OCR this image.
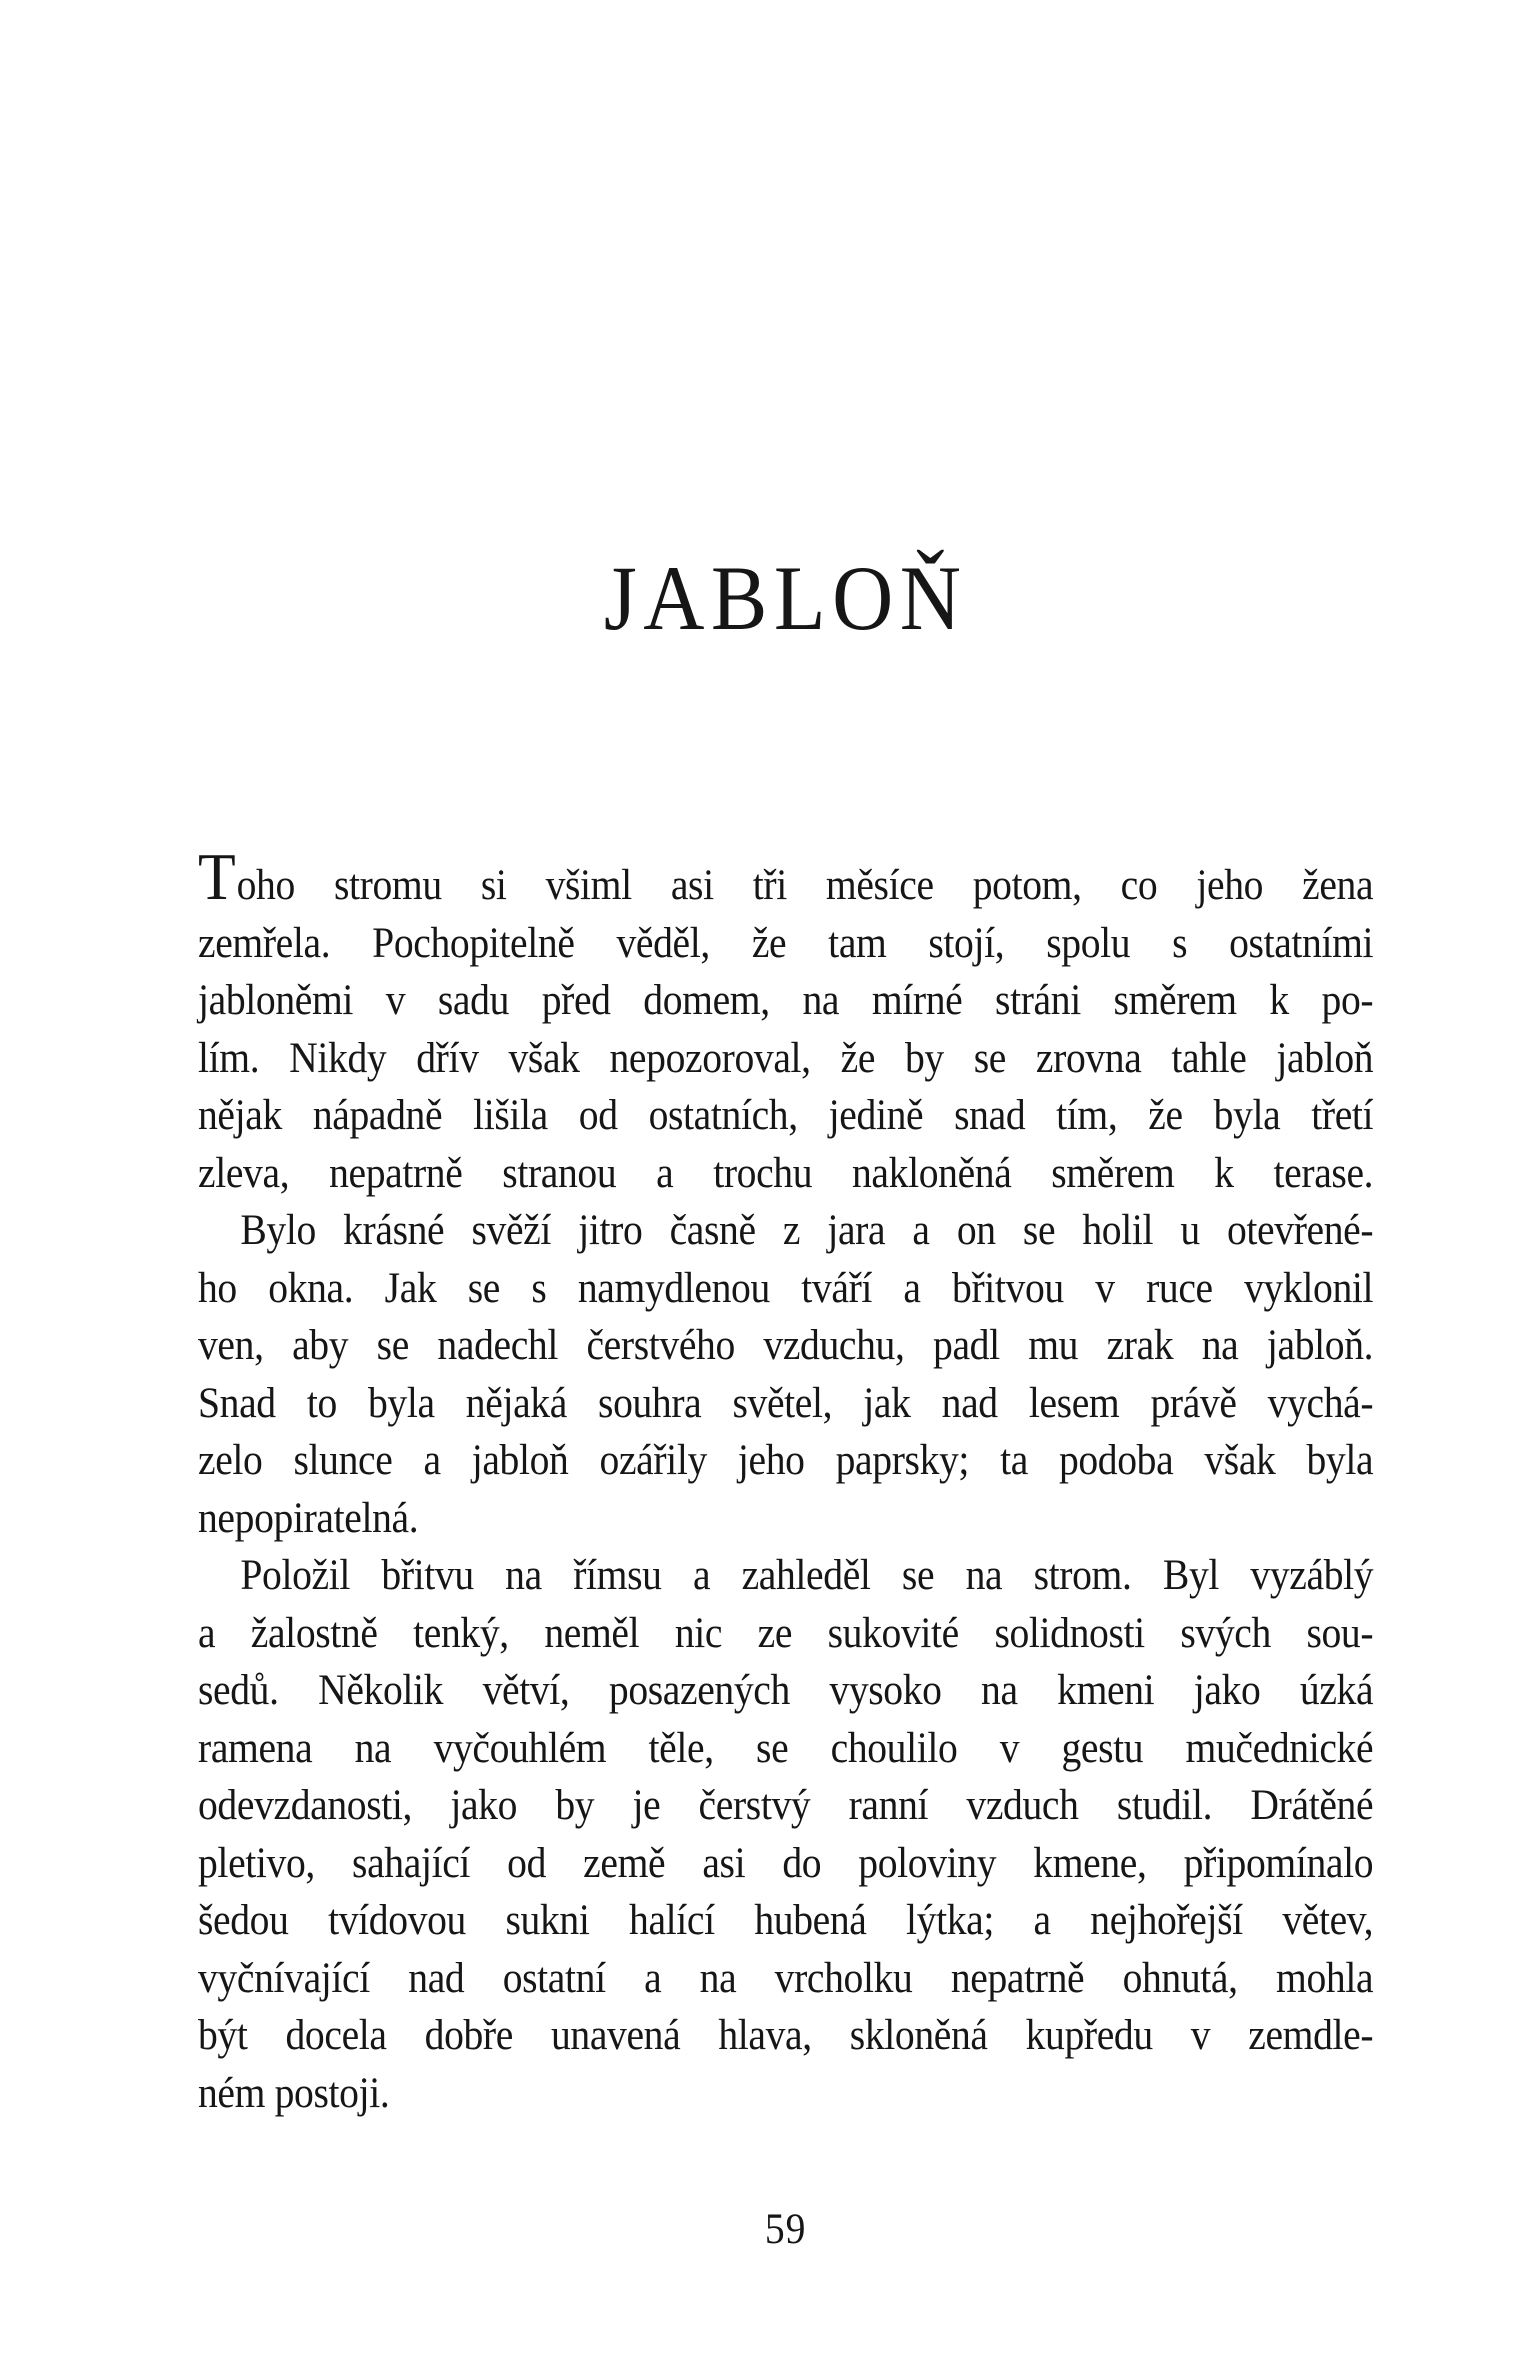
JABLOŇ
Toho stromu si všiml asi tři měsíce potom, co jeho žena
zemřela. Pochopitelně věděl, že tam stojí, spolu s ostatními
jabloněmi v sadu před domem, na mírné stráni směrem k po-
lím. Nikdy dřív však nepozoroval, že by se zrovna tahle jabloň
nějak nápadně lišila od ostatních, jedině snad tím, že byla třetí
zleva, nepatrně stranou a trochu nakloněná směrem k terase.
Bylo krásné svěží jitro časně z jara a on se holil u otevřené-
ho okna. Jak se s namydlenou tváří a břitvou v ruce vyklonil
ven, aby se nadechl čerstvého vzduchu, padl mu zrak na jabloň.
Snad to byla nějaká souhra světel, jak nad lesem právě vychá-
zelo slunce a jabloň ozářily jeho paprsky; ta podoba však byla
nepopiratelná.
Položil břitvu na římsu a zahleděl se na strom. Byl vyzáblý
a žalostně tenký, neměl nic ze sukovité solidnosti svých sou-
sedů. Několik větví, posazených vysoko na kmeni jako úzká
ramena na vyčouhlém těle, se choulilo v gestu mučednické
odevzdanosti, jako by je čerstvý ranní vzduch studil. Drátěné
pletivo, sahající od země asi do poloviny kmene, připomínalo
šedou tvídovou sukni halící hubená lýtka; a nejhořejší větev,
vyčnívající nad ostatní a na vrcholku nepatrně ohnutá, mohla
být docela dobře unavená hlava, skloněná kupředu v zemdle-
ném postoji.
59
